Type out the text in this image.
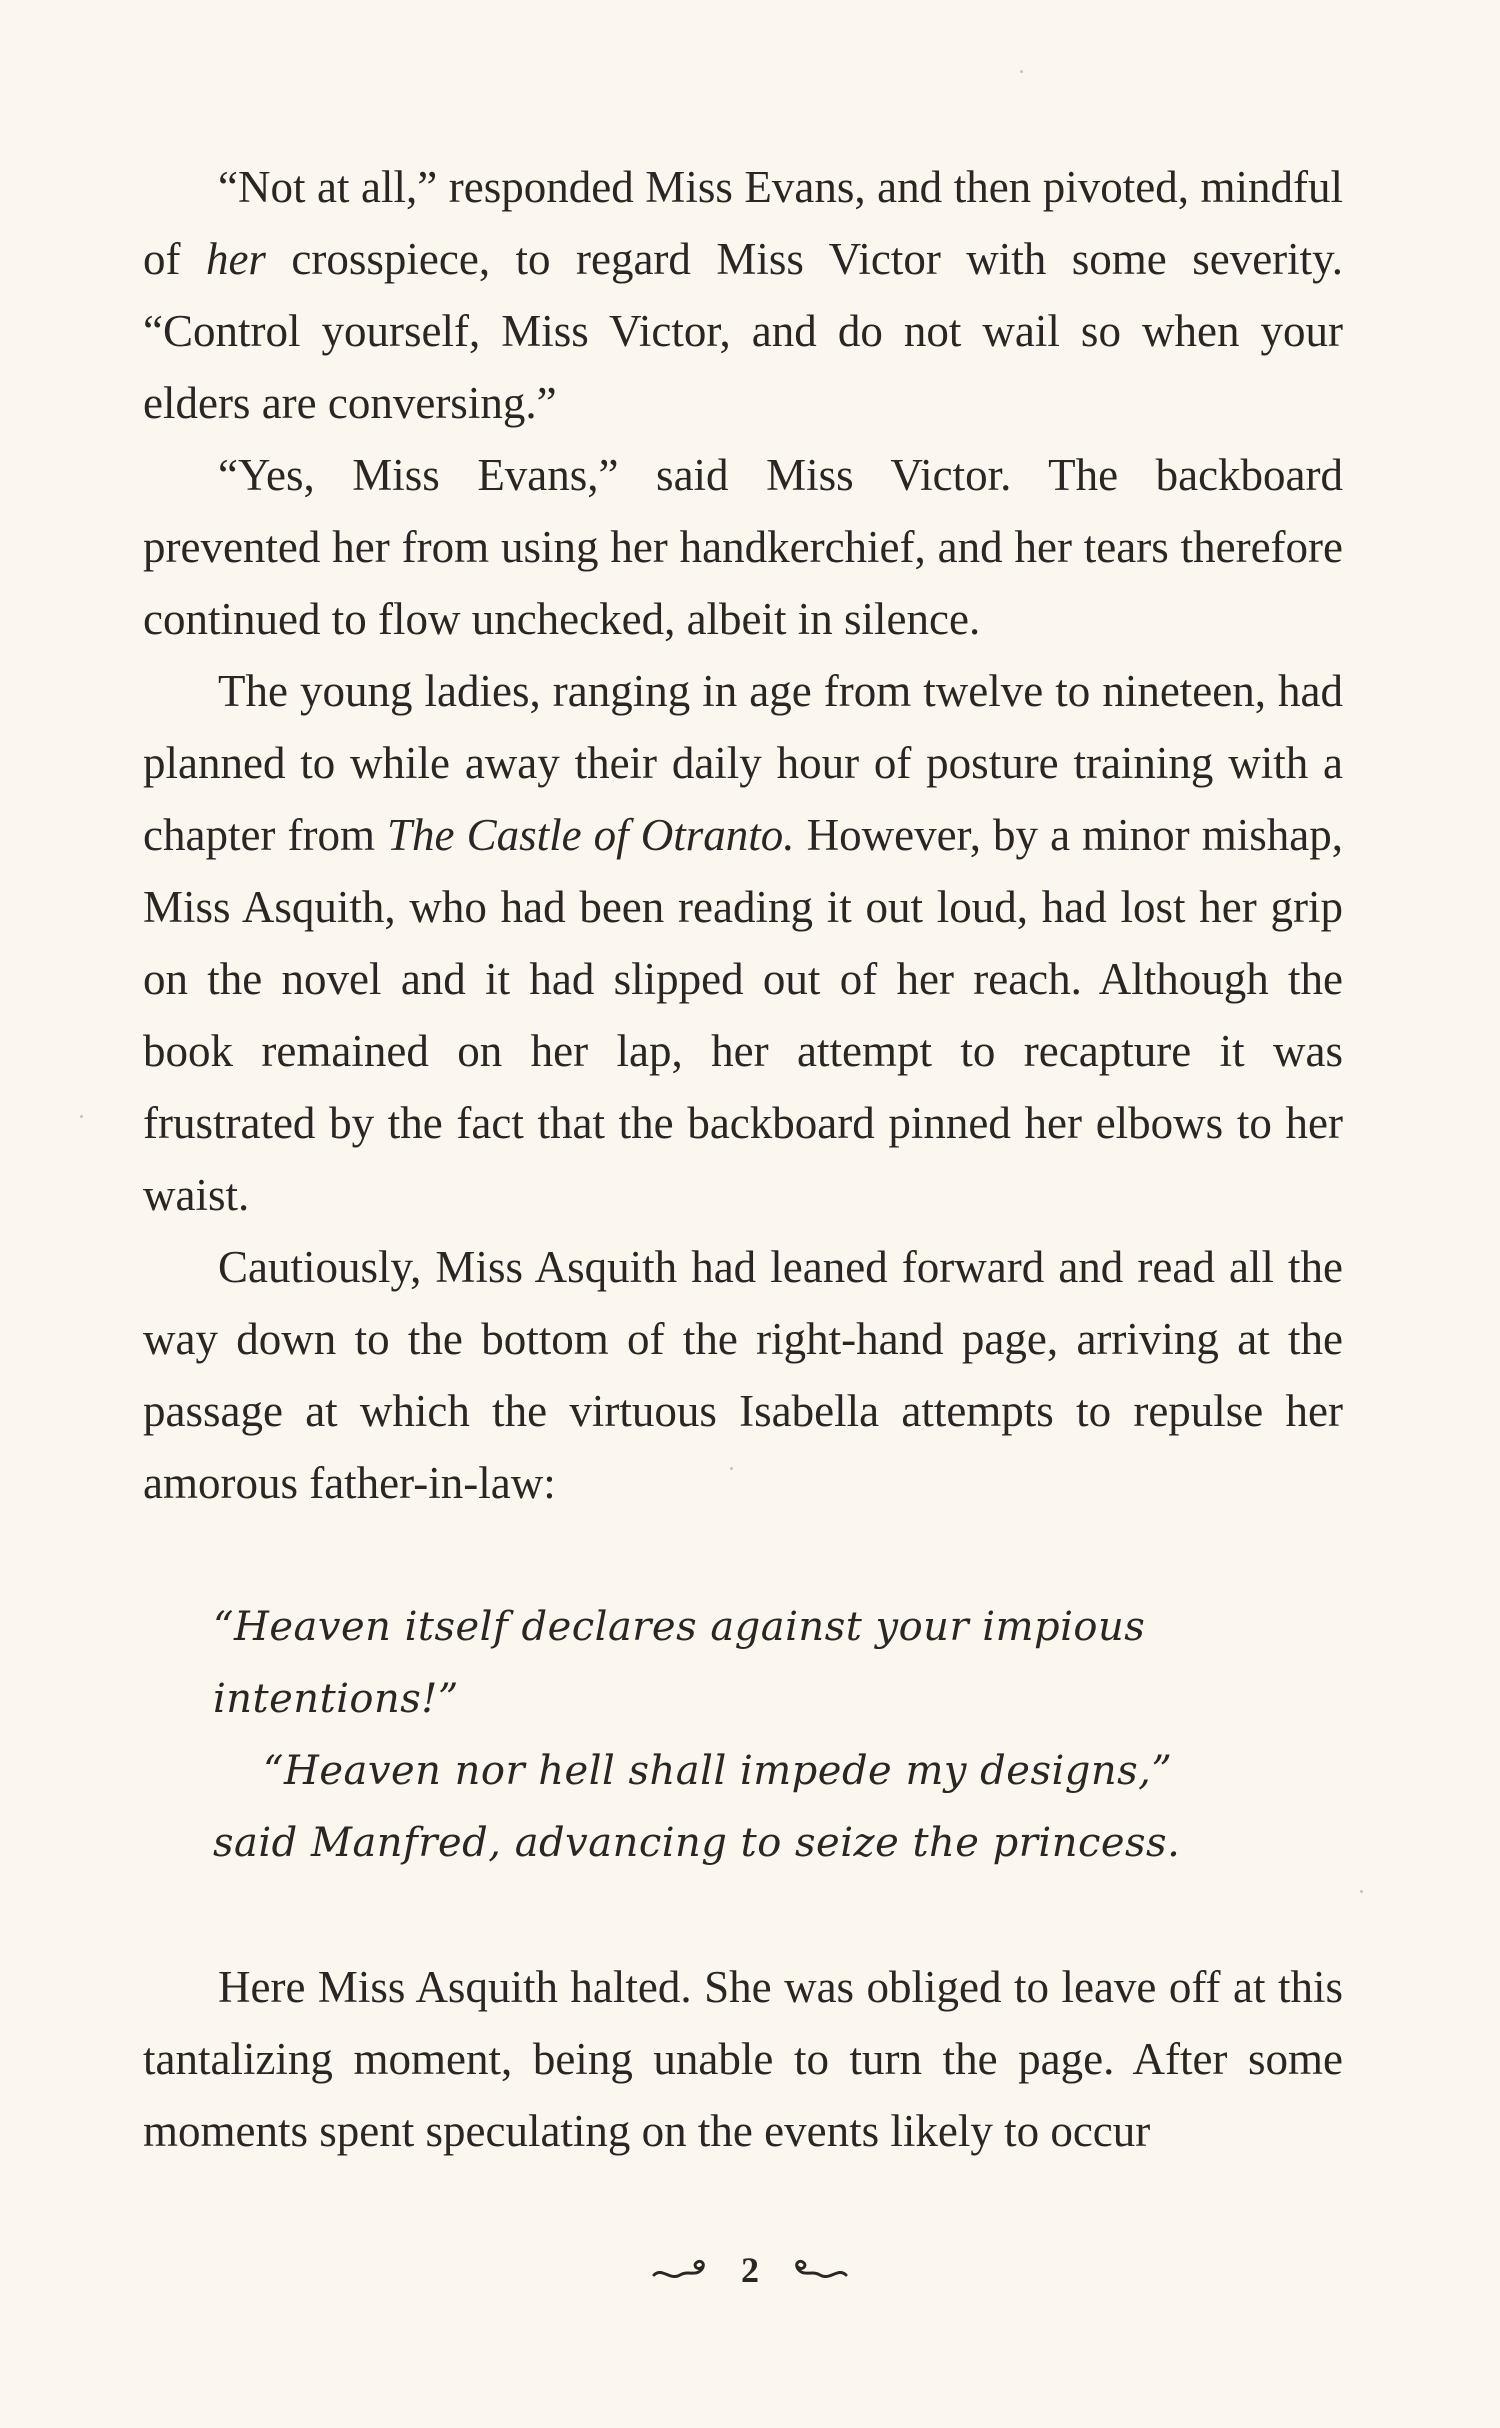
“Not at all,” responded Miss Evans, and then pivoted, mindful of her crosspiece, to regard Miss Victor with some severity. “Control yourself, Miss Victor, and do not wail so when your elders are conversing.”

“Yes, Miss Evans,” said Miss Victor. The backboard prevented her from using her handkerchief, and her tears therefore continued to flow unchecked, albeit in silence.

The young ladies, ranging in age from twelve to nineteen, had planned to while away their daily hour of posture training with a chapter from The Castle of Otranto. However, by a minor mishap, Miss Asquith, who had been reading it out loud, had lost her grip on the novel and it had slipped out of her reach. Although the book remained on her lap, her attempt to recapture it was frustrated by the fact that the backboard pinned her elbows to her waist.

Cautiously, Miss Asquith had leaned forward and read all the way down to the bottom of the right-hand page, arriving at the passage at which the virtuous Isabella attempts to repulse her amorous father-in-law:

“Heaven itself declares against your impious intentions!”

“Heaven nor hell shall impede my designs,” said Manfred, advancing to seize the princess.

Here Miss Asquith halted. She was obliged to leave off at this tantalizing moment, being unable to turn the page. After some moments spent speculating on the events likely to occur

2
